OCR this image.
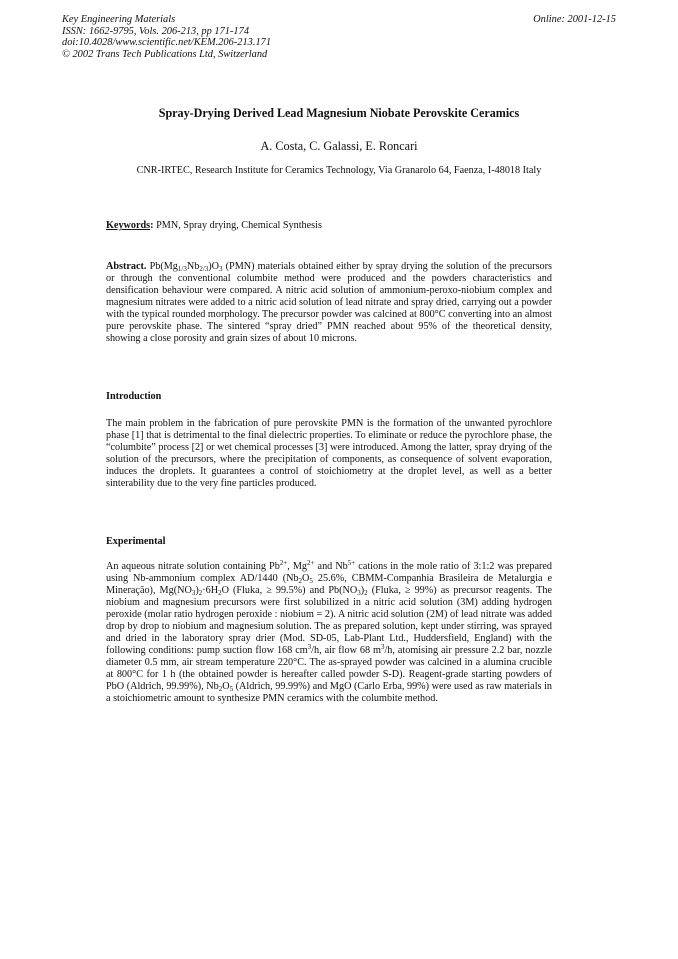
Key Engineering Materials
ISSN: 1662-9795, Vols. 206-213, pp 171-174
doi:10.4028/www.scientific.net/KEM.206-213.171
© 2002 Trans Tech Publications Ltd, Switzerland
Online: 2001-12-15
Spray-Drying Derived Lead Magnesium Niobate Perovskite Ceramics
A. Costa, C. Galassi, E. Roncari
CNR-IRTEC, Research Institute for Ceramics Technology, Via Granarolo 64, Faenza, I-48018 Italy
Keywords: PMN, Spray drying, Chemical Synthesis
Abstract. $Pb(Mg_{1/3}Nb_{2/3})O_3$ (PMN) materials obtained either by spray drying the solution of the precursors or through the conventional columbite method were produced and the powders characteristics and densification behaviour were compared. A nitric acid solution of ammonium-peroxo-niobium complex and magnesium nitrates were added to a nitric acid solution of lead nitrate and spray dried, carrying out a powder with the typical rounded morphology. The precursor powder was calcined at 800°C converting into an almost pure perovskite phase. The sintered “spray dried” PMN reached about 95% of the theoretical density, showing a close porosity and grain sizes of about 10 microns.
Introduction
The main problem in the fabrication of pure perovskite PMN is the formation of the unwanted pyrochlore phase [1] that is detrimental to the final dielectric properties. To eliminate or reduce the pyrochlore phase, the “columbite” process [2] or wet chemical processes [3] were introduced. Among the latter, spray drying of the solution of the precursors, where the precipitation of components, as consequence of solvent evaporation, induces the droplets. It guarantees a control of stoichiometry at the droplet level, as well as a better sinterability due to the very fine particles produced.
Experimental
An aqueous nitrate solution containing $Pb^{2+}$, $Mg^{2+}$ and $Nb^{5+}$ cations in the mole ratio of 3:1:2 was prepared using Nb-ammonium complex AD/1440 ($Nb_2O_5$ 25.6%, CBMM-Companhia Brasileira de Metalurgia e Mineração), $Mg(NO_3)_2\cdot 6H_2O$ (Fluka, ≥ 99.5%) and $Pb(NO_3)_2$ (Fluka, ≥ 99%) as precursor reagents. The niobium and magnesium precursors were first solubilized in a nitric acid solution (3M) adding hydrogen peroxide (molar ratio hydrogen peroxide : niobium = 2). A nitric acid solution (2M) of lead nitrate was added drop by drop to niobium and magnesium solution. The as prepared solution, kept under stirring, was sprayed and dried in the laboratory spray drier (Mod. SD-05, Lab-Plant Ltd., Huddersfield, England) with the following conditions: pump suction flow 168 $cm^3/h$, air flow 68 $m^3/h$, atomising air pressure 2.2 bar, nozzle diameter 0.5 mm, air stream temperature 220°C. The as-sprayed powder was calcined in a alumina crucible at 800°C for 1 h (the obtained powder is hereafter called powder S-D). Reagent-grade starting powders of PbO (Aldrich, 99.99%), $Nb_2O_5$ (Aldrich, 99.99%) and MgO (Carlo Erba, 99%) were used as raw materials in a stoichiometric amount to synthesize PMN ceramics with the columbite method.
